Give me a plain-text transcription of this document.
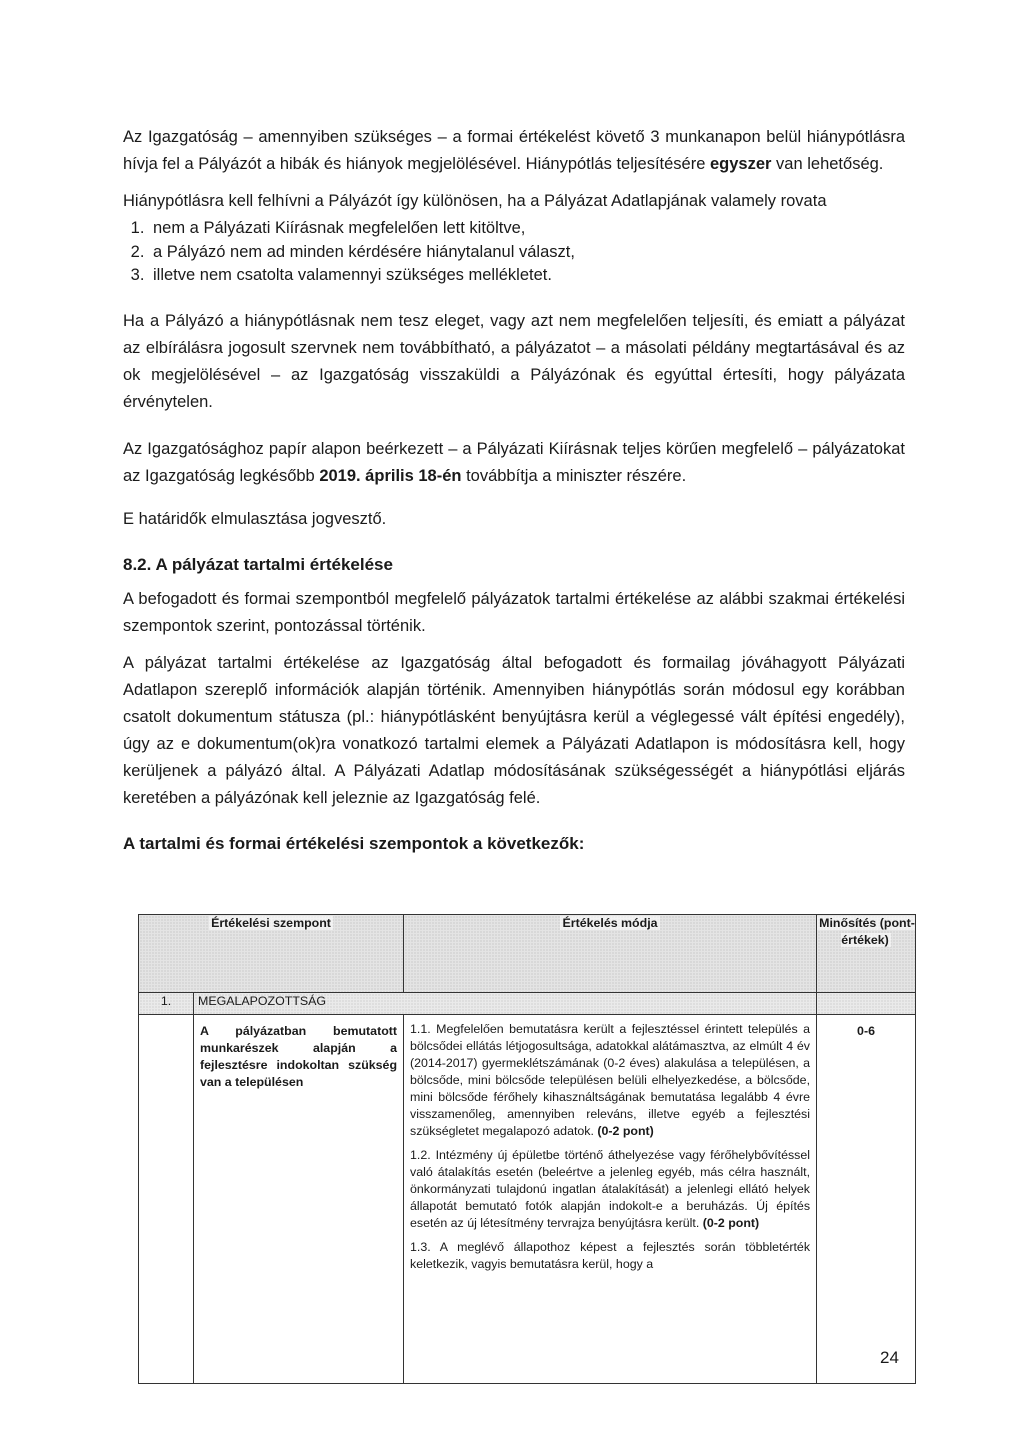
Az Igazgatóság – amennyiben szükséges – a formai értékelést követő 3 munkanapon belül hiánypótlásra hívja fel a Pályázót a hibák és hiányok megjelölésével. Hiánypótlás teljesítésére egyszer van lehetőség.

Hiánypótlásra kell felhívni a Pályázót így különösen, ha a Pályázat Adatlapjának valamely rovata

1. nem a Pályázati Kiírásnak megfelelően lett kitöltve,
2. a Pályázó nem ad minden kérdésére hiánytalanul választ,
3. illetve nem csatolta valamennyi szükséges mellékletet.

Ha a Pályázó a hiánypótlásnak nem tesz eleget, vagy azt nem megfelelően teljesíti, és emiatt a pályázat az elbírálásra jogosult szervnek nem továbbítható, a pályázatot – a másolati példány megtartásával és az ok megjelölésével – az Igazgatóság visszaküldi a Pályázónak és egyúttal értesíti, hogy pályázata érvénytelen.

Az Igazgatósághoz papír alapon beérkezett – a Pályázati Kiírásnak teljes körűen megfelelő – pályázatokat az Igazgatóság legkésőbb 2019. április 18-én továbbítja a miniszter részére.

E határidők elmulasztása jogvesztő.

8.2. A pályázat tartalmi értékelése

A befogadott és formai szempontból megfelelő pályázatok tartalmi értékelése az alábbi szakmai értékelési szempontok szerint, pontozással történik.

A pályázat tartalmi értékelése az Igazgatóság által befogadott és formailag jóváhagyott Pályázati Adatlapon szereplő információk alapján történik. Amennyiben hiánypótlás során módosul egy korábban csatolt dokumentum státusza (pl.: hiánypótlásként benyújtásra kerül a véglegessé vált építési engedély), úgy az e dokumentum(ok)ra vonatkozó tartalmi elemek a Pályázati Adatlapon is módosításra kell, hogy kerüljenek a pályázó által. A Pályázati Adatlap módosításának szükségességét a hiánypótlási eljárás keretében a pályázónak kell jeleznie az Igazgatóság felé.

A tartalmi és formai értékelési szempontok a következők:
Értékelési szempont		Értékelés módja	Minősítés (pont-értékek)
1.	MEGALAPOZOTTSÁG		
	A pályázatban bemutatott munkarészek alapján a fejlesztésre indokoltan szükség van a településen	1.1. Megfelelően bemutatásra került a fejlesztéssel érintett település a bölcsődei ellátás létjogosultsága, adatokkal alátámasztva, az elmúlt 4 év (2014-2017) gyermeklétszámának (0-2 éves) alakulása a településen, a bölcsőde, mini bölcsőde településen belüli elhelyezkedése, a bölcsőde, mini bölcsőde férőhely kihasználtságának bemutatása legalább 4 évre visszamenőleg, amennyiben releváns, illetve egyéb a fejlesztési szükségletet megalapozó adatok. (0-2 pont)
1.2. Intézmény új épületbe történő áthelyezése vagy férőhelybővítéssel való átalakítás esetén (beleértve a jelenleg egyéb, más célra használt, önkormányzati tulajdonú ingatlan átalakítását) a jelenlegi ellátó helyek állapotát bemutató fotók alapján indokolt-e a beruházás. Új építés esetén az új létesítmény tervrajza benyújtásra került. (0-2 pont)
1.3. A meglévő állapothoz képest a fejlesztés során többletérték keletkezik, vagyis bemutatásra kerül, hogy a	0-6
24
